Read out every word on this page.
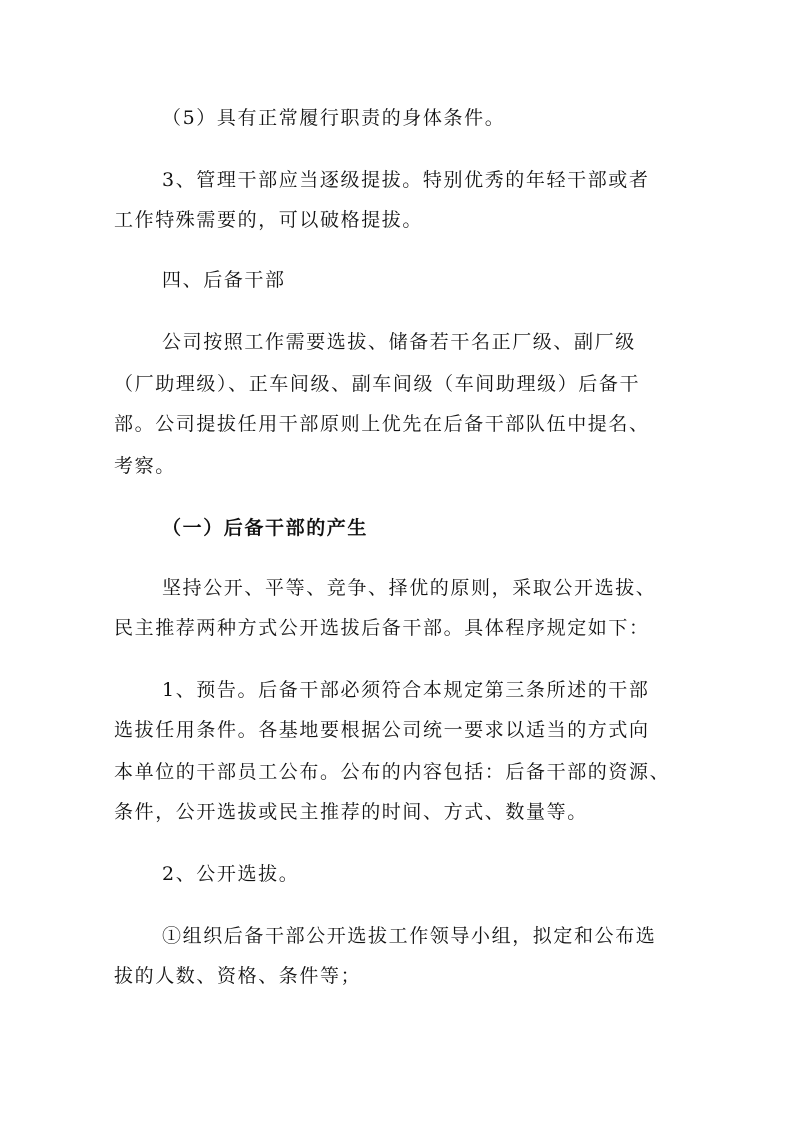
（5）具有正常履行职责的身体条件。
3、管理干部应当逐级提拔。特别优秀的年轻干部或者
工作特殊需要的，可以破格提拔。
四、后备干部
公司按照工作需要选拔、储备若干名正厂级、副厂级
（厂助理级）、正车间级、副车间级（车间助理级）后备干
部。公司提拔任用干部原则上优先在后备干部队伍中提名、
考察。
（一）后备干部的产生
坚持公开、平等、竞争、择优的原则，采取公开选拔、
民主推荐两种方式公开选拔后备干部。具体程序规定如下：
1、预告。后备干部必须符合本规定第三条所述的干部
选拔任用条件。各基地要根据公司统一要求以适当的方式向
本单位的干部员工公布。公布的内容包括：后备干部的资源、
条件，公开选拔或民主推荐的时间、方式、数量等。
2、公开选拔。
①组织后备干部公开选拔工作领导小组，拟定和公布选
拔的人数、资格、条件等；
